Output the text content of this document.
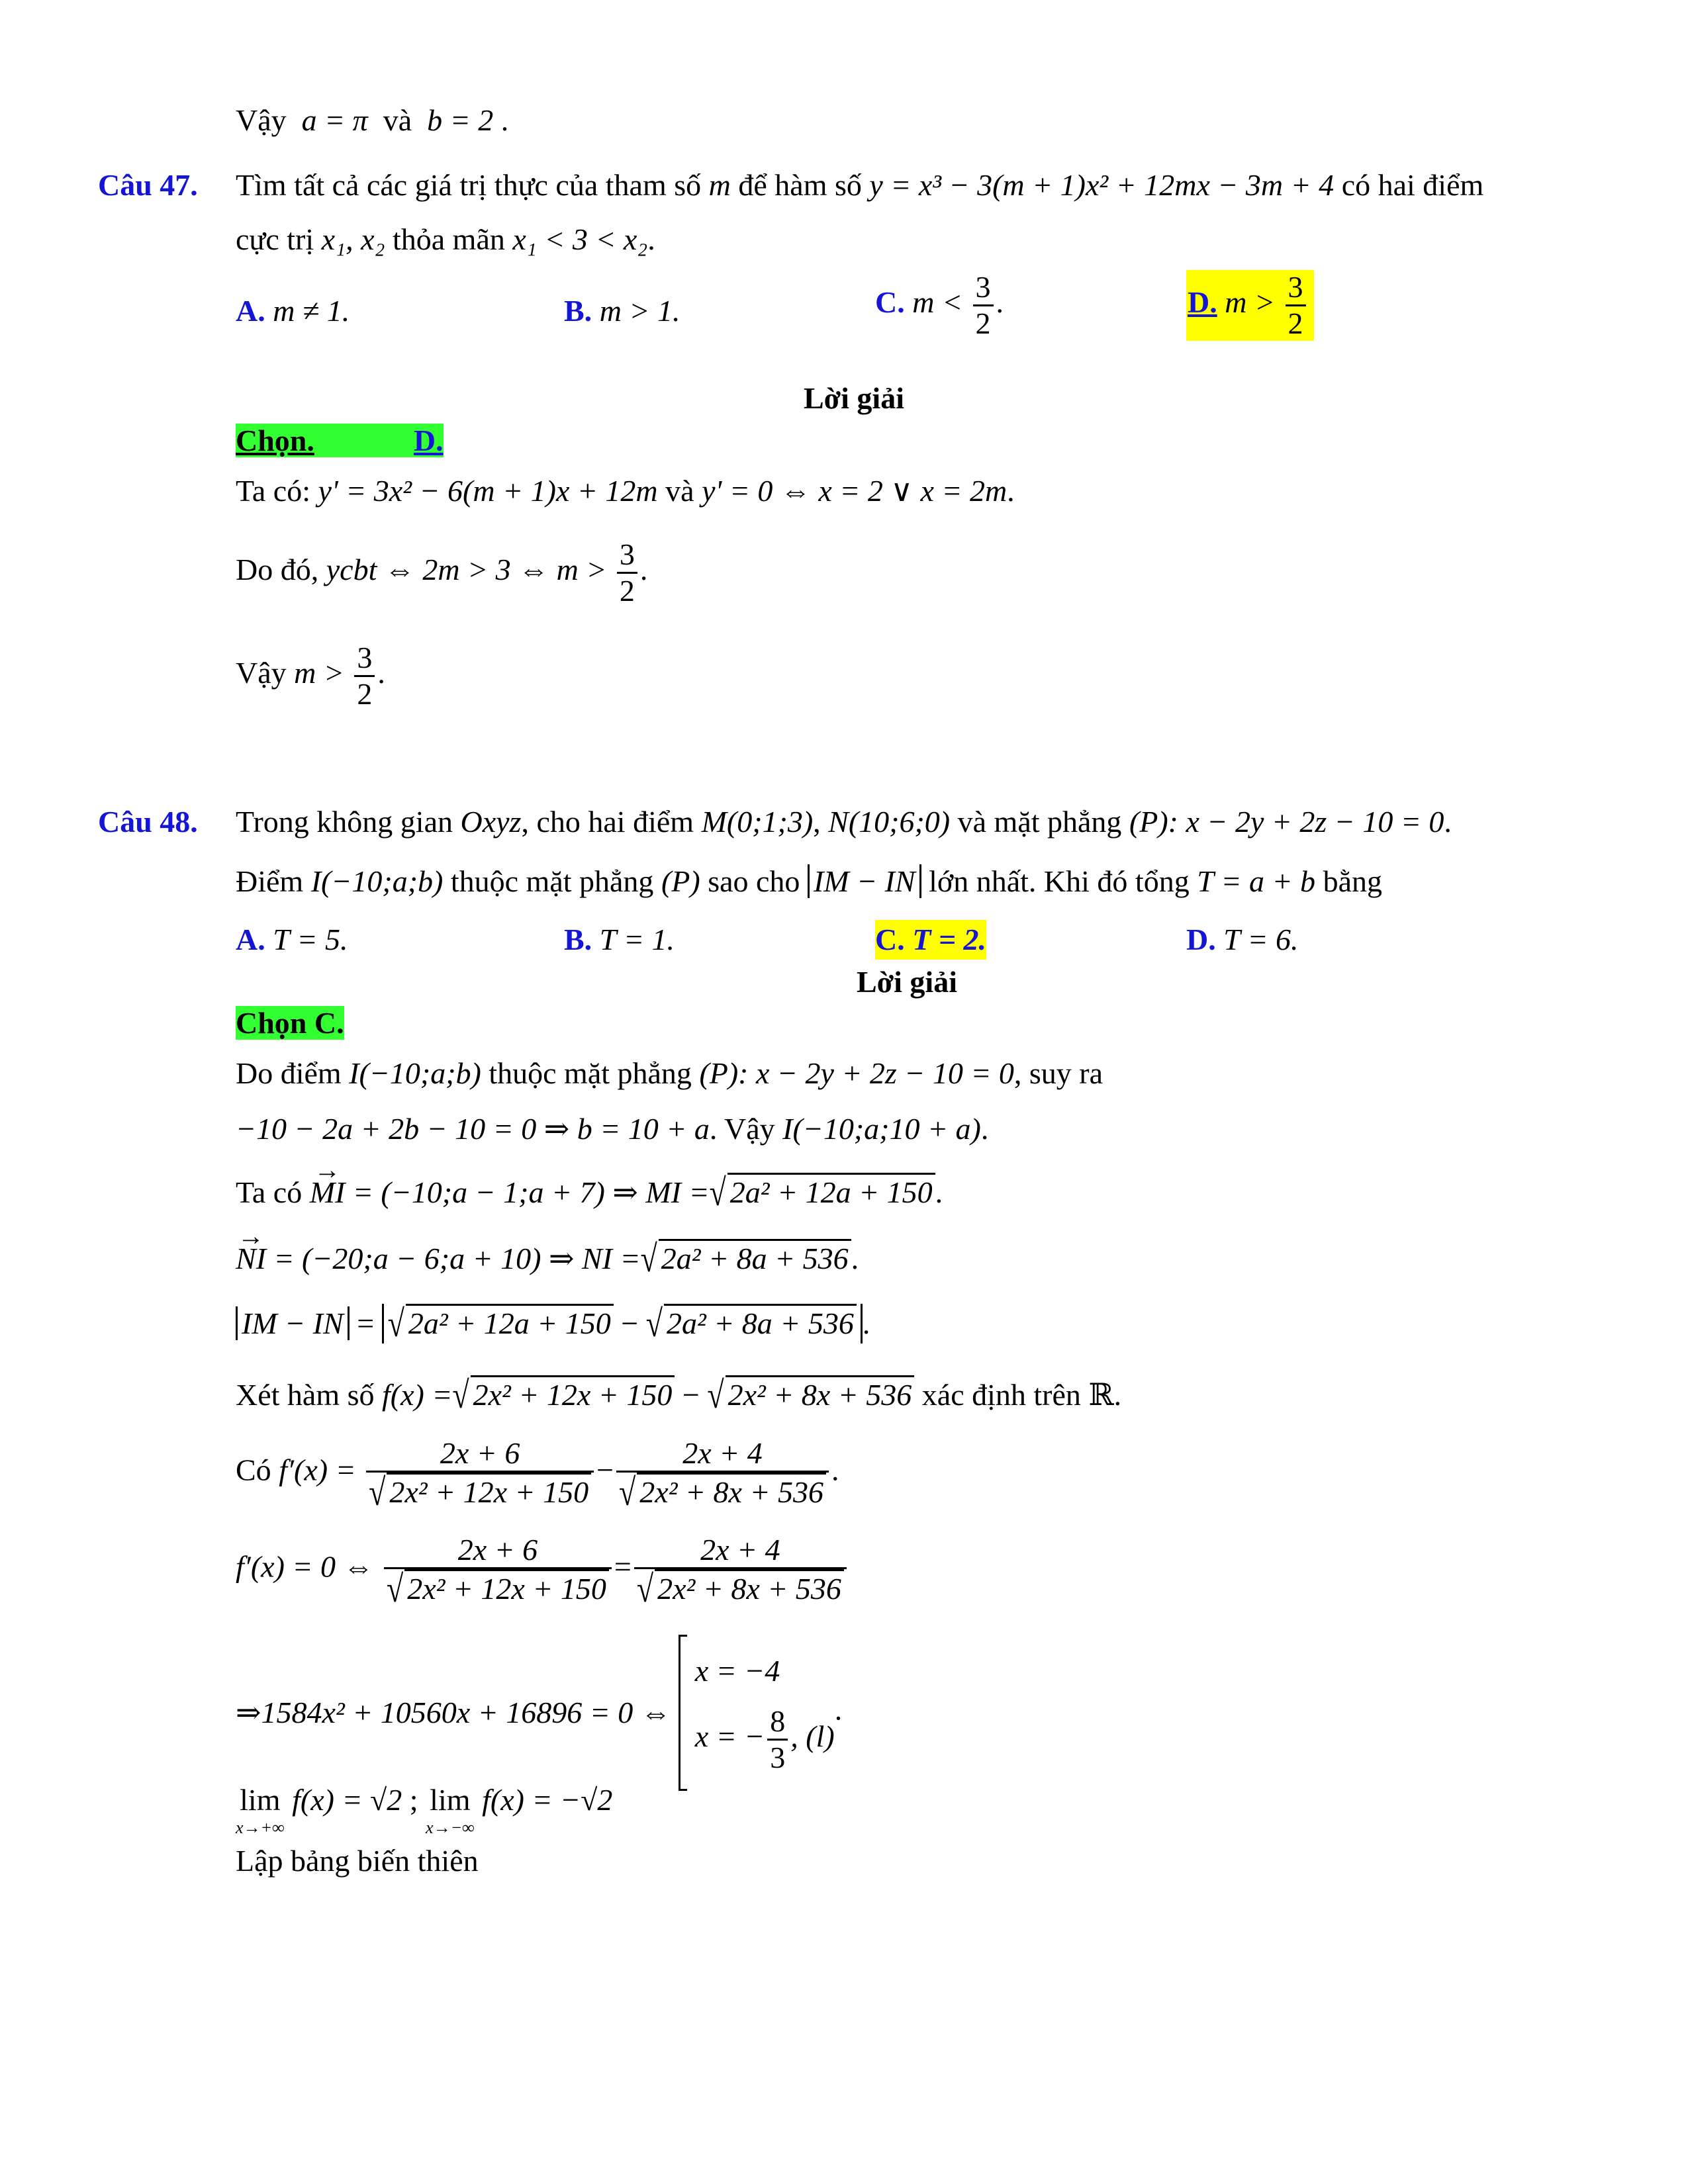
Vậy a = π và b = 2 .
Câu 47. Tìm tất cả các giá trị thực của tham số m để hàm số y = x³ − 3(m + 1)x² + 12mx − 3m + 4 có hai điểm
cực trị x₁, x₂ thỏa mãn x₁ < 3 < x₂.
A. m ≠ 1.	B. m > 1.	C. $m < \frac{3}{2}$ .	D. $m > \frac{3}{2}$
Lời giải
Chọn.	D.
Ta có: y' = 3x² − 6(m + 1)x + 12m và y' = 0 ⇔ x = 2 ∨ x = 2m.
Do đó, ycbt ⇔ 2m > 3 ⇔ $m > \frac{3}{2}$ .
Vậy $m > \frac{3}{2}$ .
Câu 48. Trong không gian Oxyz, cho hai điểm M(0;1;3), N(10;6;0) và mặt phẳng (P): x − 2y + 2z − 10 = 0.
Điểm I(−10;a;b) thuộc mặt phẳng (P) sao cho IM − IN lớn nhất. Khi đó tổng T = a + b bằng
A. T = 5.	B. T = 1.	C. T = 2.	D. T = 6.
Lời giải
Chọn C.
Do điểm I(−10;a;b) thuộc mặt phẳng (P): x − 2y + 2z − 10 = 0, suy ra
−10 − 2a + 2b − 10 = 0 ⇒ b = 10 + a. Vậy I(−10;a;10 + a).
Ta có → MI = (−10;a − 1;a + 7) ⇒ MI =√ 2a² + 12a + 150.
→ NI = (−20;a − 6;a + 10) ⇒ NI =√ 2a² + 8a + 536.
IM − IN = √ 2a² + 12a + 150 − √ 2a² + 8a + 536 .
Xét hàm số f(x) =√ 2x² + 12x + 150 − √ 2x² + 8x + 536 xác định trên ℝ.
Có $f'(x) = \frac{2x + 6}{\text{√ 2x² + 12x + 150}} - \frac{2x + 4}{\text{√ 2x² + 8x + 536}}$ .
f′(x) = 0 ⇔ $\frac{2x + 6}{\text{√ 2x² + 12x + 150}} = \frac{2x + 4}{\text{√ 2x² + 8x + 536}}$
⇒1584x² + 10560x + 16896 = 0 ⇔
x = −4
x = − $\frac{8}{3}$ , (l)
.
lim
x→+∞
f(x) = √2 ; lim
x→−∞
f(x) = −√2
Lập bảng biến thiên
